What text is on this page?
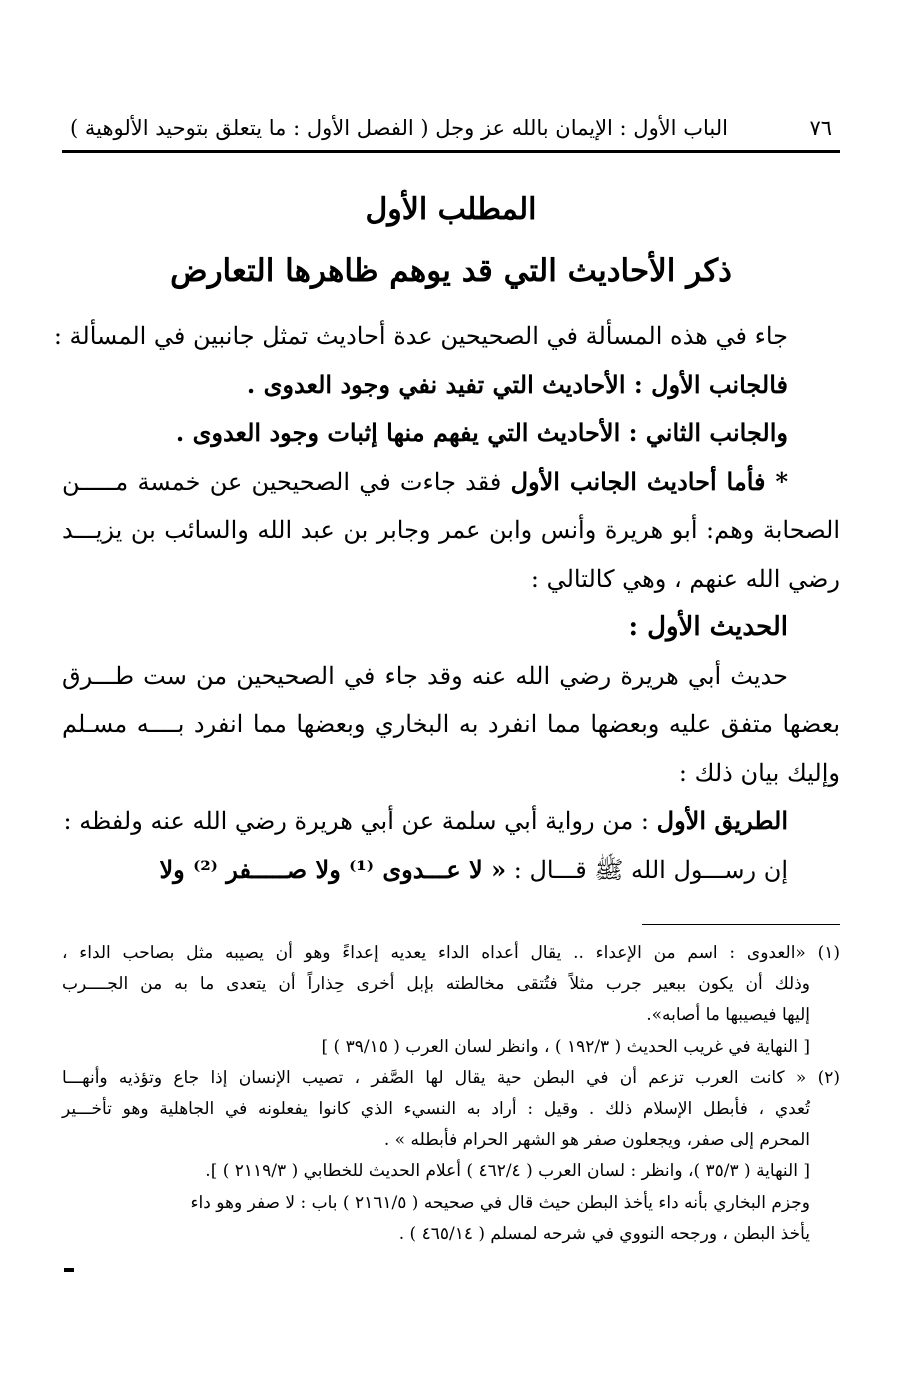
٧٦
الباب الأول : الإيمان بالله عز وجل ( الفصل الأول : ما يتعلق بتوحيد الألوهية )
المطلب الأول
ذكر الأحاديث التي قد يوهم ظاهرها التعارض

جاء في هذه المسألة في الصحيحين عدة أحاديث تمثل جانبين في المسألة :

فالجانب الأول : الأحاديث التي تفيد نفي وجود العدوى .

والجانب الثاني : الأحاديث التي يفهم منها إثبات وجود العدوى .

* فأما أحاديث الجانب الأول فقد جاءت في الصحيحين عن خمسة مـــــن

الصحابة وهم: أبو هريرة وأنس وابن عمر وجابر بن عبد الله والسائب بن يزيـــد

رضي الله عنهم ، وهي كالتالي :

الحديث الأول :

حديث أبي هريرة رضي الله عنه وقد جاء في الصحيحين من ست طـــرق

بعضها متفق عليه وبعضها مما انفرد به البخاري وبعضها مما انفرد بــــه مسـلم

وإليك بيان ذلك :

الطريق الأول : من رواية أبي سلمة عن أبي هريرة رضي الله عنه ولفظه :

إن رســـول الله ﷺ قـــال : « لا عـــدوى ⁽¹⁾ ولا صـــــفر ⁽²⁾ ولا

(١) «العدوى : اسم من الإعداء .. يقال أعداه الداء يعديه إعداءً وهو أن يصيبه مثل بصاحب الداء ،

وذلك أن يكون ببعير جرب مثلاً فتُتقى مخالطته بإبل أخرى حِذاراً أن يتعدى ما به من الجــــرب

إليها فيصيبها ما أصابه».

[ النهاية في غريب الحديث ( ١٩٢/٣ ) ، وانظر لسان العرب ( ٣٩/١٥ ) ]

(٢) « كانت العرب تزعم أن في البطن حية يقال لها الصَّفر ، تصيب الإنسان إذا جاع وتؤذيه وأنهـــا

تُعدي ، فأبطل الإسلام ذلك . وقيل : أراد به النسيء الذي كانوا يفعلونه في الجاهلية وهو تأخـــير

المحرم إلى صفر، ويجعلون صفر هو الشهر الحرام فأبطله » .

[ النهاية ( ٣٥/٣ )، وانظر : لسان العرب ( ٤٦٢/٤ ) أعلام الحديث للخطابي ( ٢١١٩/٣ ) ].

وجزم البخاري بأنه داء يأخذ البطن حيث قال في صحيحه ( ٢١٦١/٥ ) باب : لا صفر وهو داء

يأخذ البطن ، ورجحه النووي في شرحه لمسلم ( ٤٦٥/١٤ ) .
